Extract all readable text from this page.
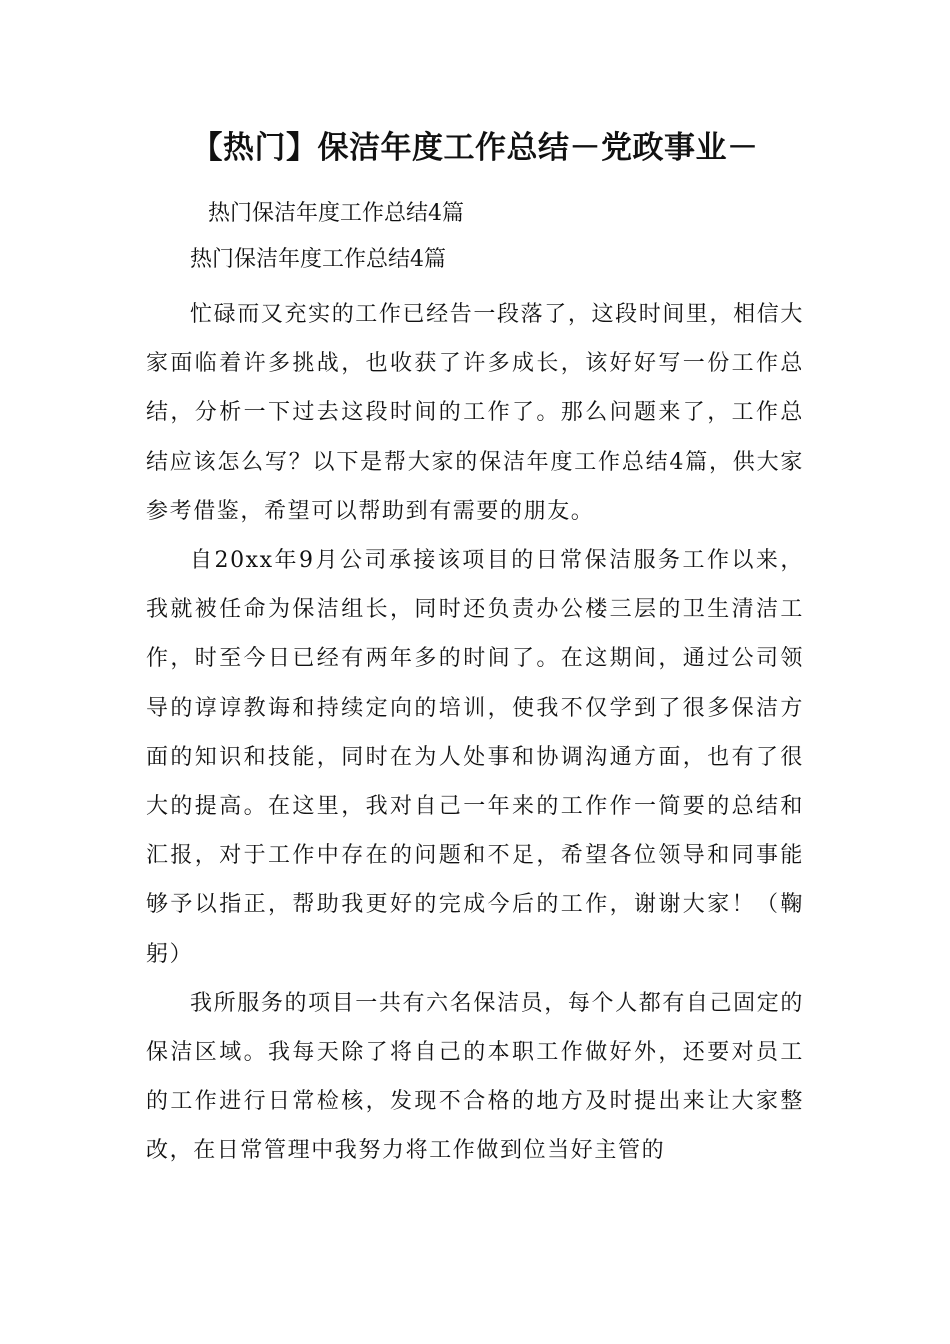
【热门】保洁年度工作总结－党政事业－

热门保洁年度工作总结4篇

热门保洁年度工作总结4篇

忙碌而又充实的工作已经告一段落了，这段时间里，相信大家面临着许多挑战，也收获了许多成长，该好好写一份工作总结，分析一下过去这段时间的工作了。那么问题来了，工作总结应该怎么写？以下是帮大家的保洁年度工作总结4篇，供大家参考借鉴，希望可以帮助到有需要的朋友。

自20xx年9月公司承接该项目的日常保洁服务工作以来，我就被任命为保洁组长，同时还负责办公楼三层的卫生清洁工作，时至今日已经有两年多的时间了。在这期间，通过公司领导的谆谆教诲和持续定向的培训，使我不仅学到了很多保洁方面的知识和技能，同时在为人处事和协调沟通方面，也有了很大的提高。在这里，我对自己一年来的工作作一简要的总结和汇报，对于工作中存在的问题和不足，希望各位领导和同事能够予以指正，帮助我更好的完成今后的工作，谢谢大家！（鞠躬）

我所服务的项目一共有六名保洁员，每个人都有自己固定的保洁区域。我每天除了将自己的本职工作做好外，还要对员工的工作进行日常检核，发现不合格的地方及时提出来让大家整改，在日常管理中我努力将工作做到位当好主管的
